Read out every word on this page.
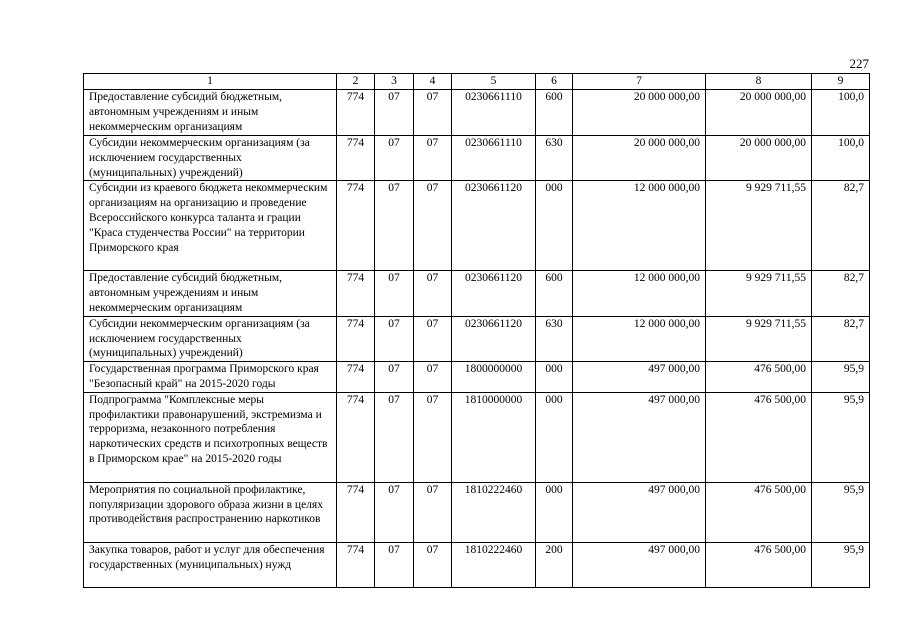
227
1	2	3	4	5	6	7	8	9
Предоставление субсидий бюджетным, автономным учреждениям и иным некоммерческим организациям	774	07	07	0230661110	600	20 000 000,00	20 000 000,00	100,0
Субсидии некоммерческим организациям (за исключением государственных (муниципальных) учреждений)	774	07	07	0230661110	630	20 000 000,00	20 000 000,00	100,0
Субсидии из краевого бюджета некоммерческим организациям на организацию и проведение Всероссийского конкурса таланта и грации "Краса студенчества России" на территории Приморского края	774	07	07	0230661120	000	12 000 000,00	9 929 711,55	82,7
Предоставление субсидий бюджетным, автономным учреждениям и иным некоммерческим организациям	774	07	07	0230661120	600	12 000 000,00	9 929 711,55	82,7
Субсидии некоммерческим организациям (за исключением государственных (муниципальных) учреждений)	774	07	07	0230661120	630	12 000 000,00	9 929 711,55	82,7
Государственная программа Приморского края "Безопасный край" на 2015-2020 годы	774	07	07	1800000000	000	497 000,00	476 500,00	95,9
Подпрограмма "Комплексные меры профилактики правонарушений, экстремизма и терроризма, незаконного потребления наркотических средств и психотропных веществ в Приморском крае" на 2015-2020 годы	774	07	07	1810000000	000	497 000,00	476 500,00	95,9
Мероприятия по социальной профилактике, популяризации здорового образа жизни в целях противодействия распространению наркотиков	774	07	07	1810222460	000	497 000,00	476 500,00	95,9
Закупка товаров, работ и услуг для обеспечения государственных (муниципальных) нужд	774	07	07	1810222460	200	497 000,00	476 500,00	95,9
